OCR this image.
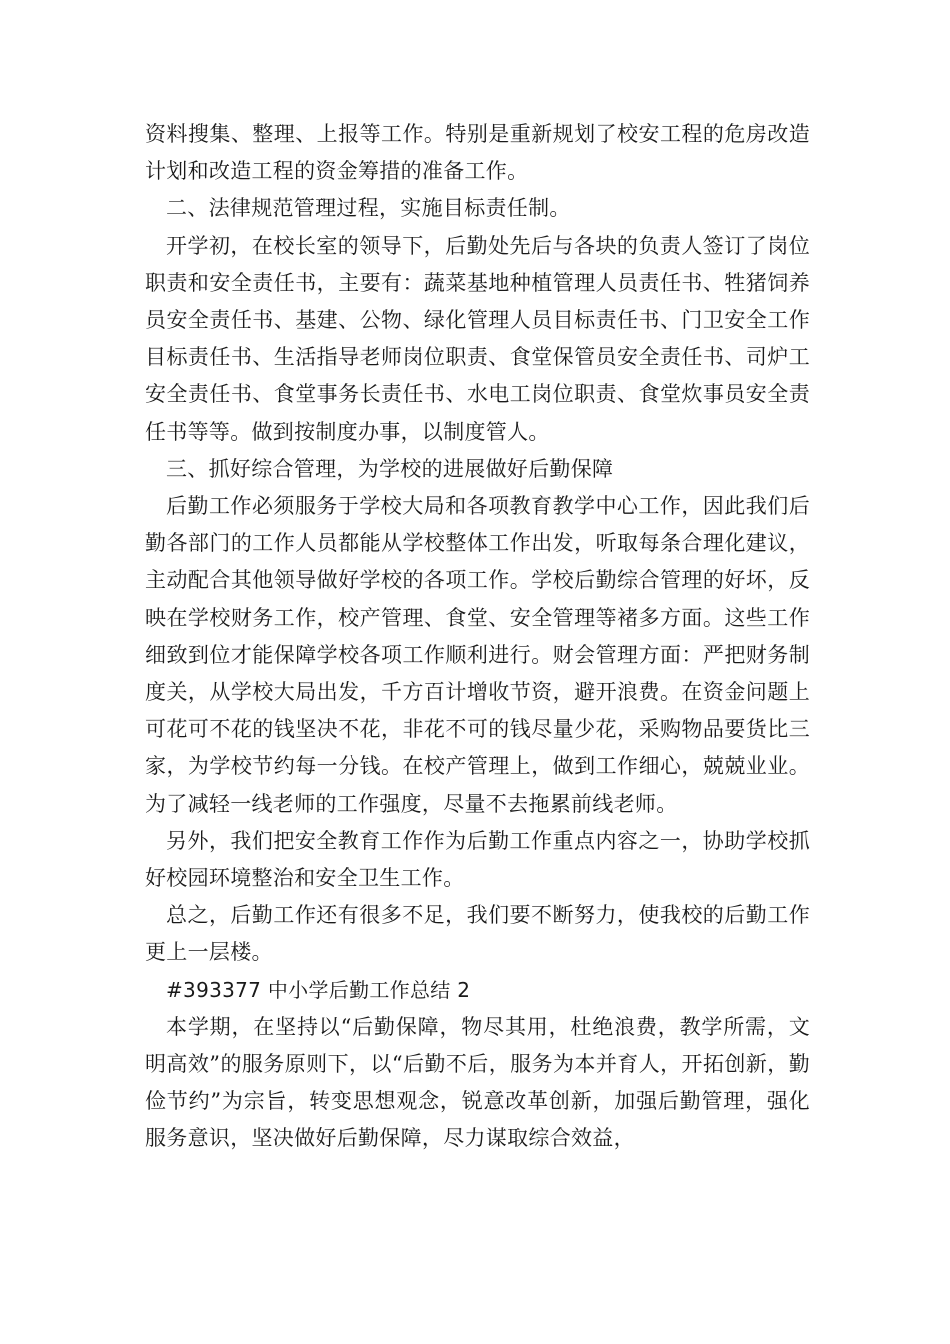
资料搜集、整理、上报等工作。特别是重新规划了校安工程的危房改造计划和改造工程的资金筹措的准备工作。

二、法律规范管理过程，实施目标责任制。

开学初，在校长室的领导下，后勤处先后与各块的负责人签订了岗位职责和安全责任书，主要有：蔬菜基地种植管理人员责任书、牲猪饲养员安全责任书、基建、公物、绿化管理人员目标责任书、门卫安全工作目标责任书、生活指导老师岗位职责、食堂保管员安全责任书、司炉工安全责任书、食堂事务长责任书、水电工岗位职责、食堂炊事员安全责任书等等。做到按制度办事，以制度管人。

三、抓好综合管理，为学校的进展做好后勤保障

后勤工作必须服务于学校大局和各项教育教学中心工作，因此我们后勤各部门的工作人员都能从学校整体工作出发，听取每条合理化建议，主动配合其他领导做好学校的各项工作。学校后勤综合管理的好坏，反映在学校财务工作，校产管理、食堂、安全管理等褚多方面。这些工作细致到位才能保障学校各项工作顺利进行。财会管理方面：严把财务制度关，从学校大局出发，千方百计增收节资，避开浪费。在资金问题上可花可不花的钱坚决不花，非花不可的钱尽量少花，采购物品要货比三家，为学校节约每一分钱。在校产管理上，做到工作细心，兢兢业业。为了减轻一线老师的工作强度，尽量不去拖累前线老师。

另外，我们把安全教育工作作为后勤工作重点内容之一，协助学校抓好校园环境整治和安全卫生工作。

总之，后勤工作还有很多不足，我们要不断努力，使我校的后勤工作更上一层楼。

#393377 中小学后勤工作总结 2

本学期，在坚持以“后勤保障，物尽其用，杜绝浪费，教学所需，文明高效”的服务原则下，以“后勤不后，服务为本并育人，开拓创新，勤俭节约”为宗旨，转变思想观念，锐意改革创新，加强后勤管理，强化服务意识，坚决做好后勤保障，尽力谋取综合效益，
